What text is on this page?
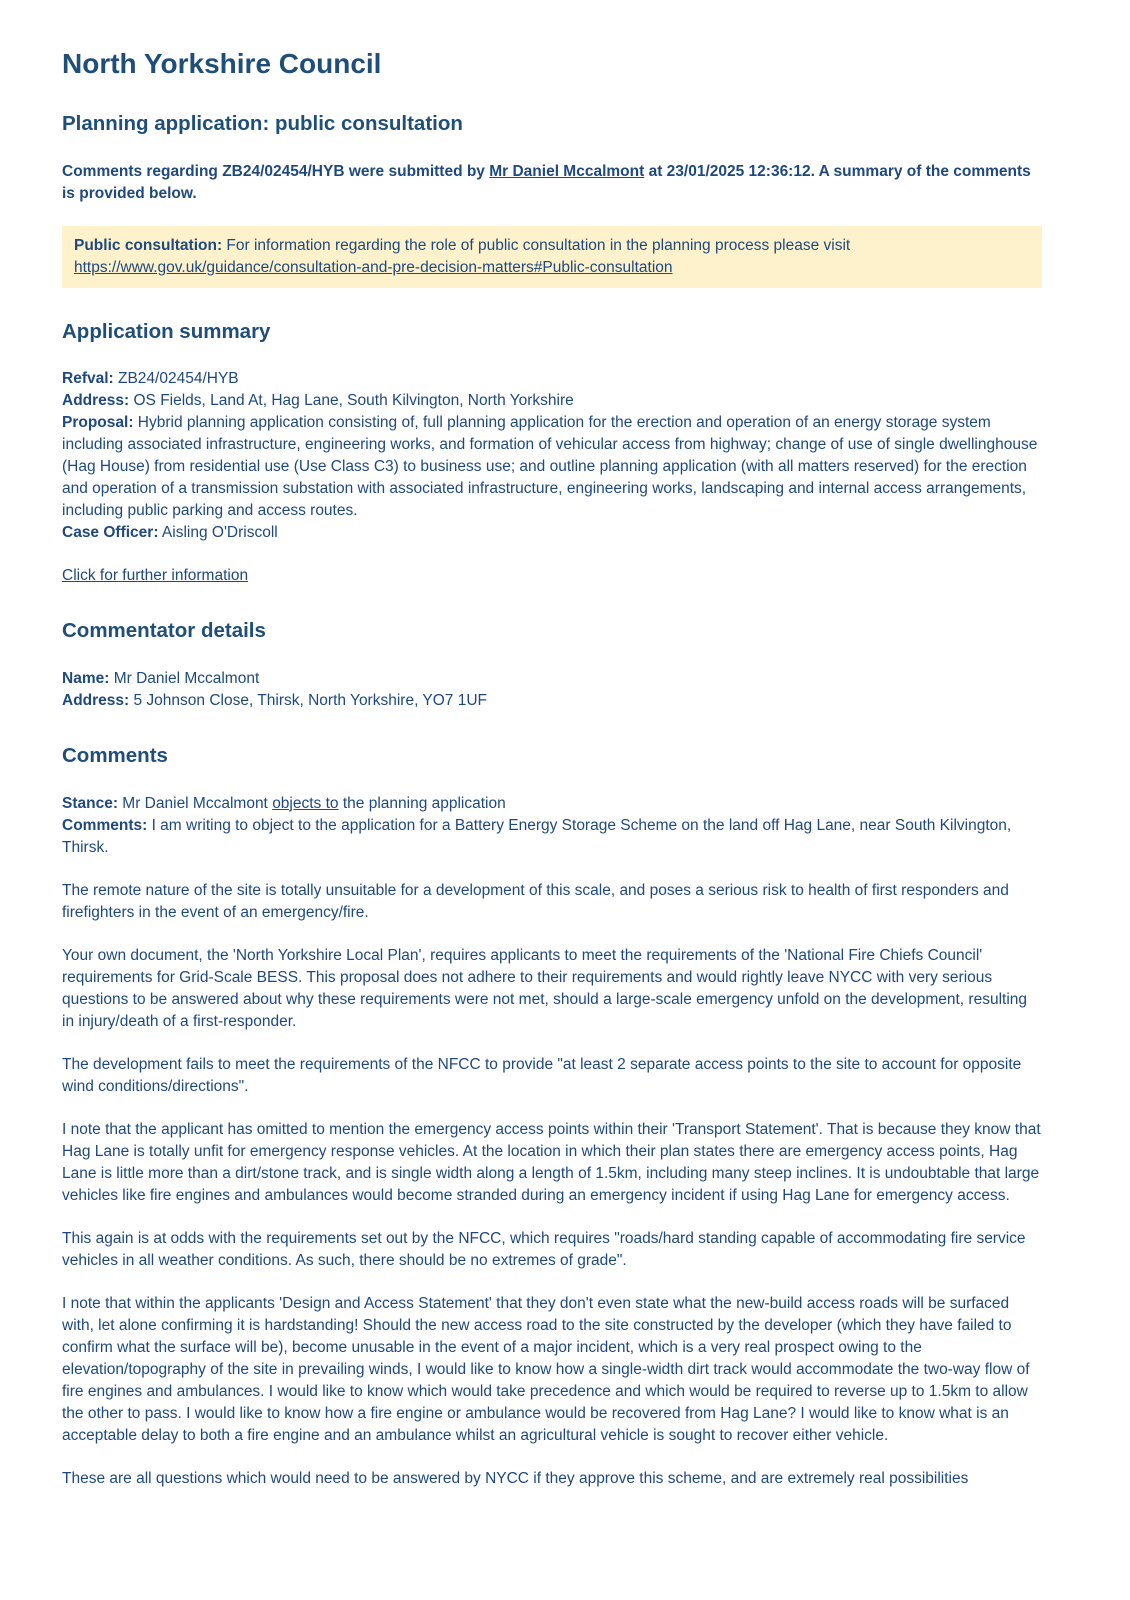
North Yorkshire Council
Planning application: public consultation

Comments regarding ZB24/02454/HYB were submitted by Mr Daniel Mccalmont at 23/01/2025 12:36:12. A summary of the comments is provided below.

Public consultation: For information regarding the role of public consultation in the planning process please visit https://www.gov.uk/guidance/consultation-and-pre-decision-matters#Public-consultation
Application summary
Refval: ZB24/02454/HYB
Address: OS Fields, Land At, Hag Lane, South Kilvington, North Yorkshire
Proposal: Hybrid planning application consisting of, full planning application for the erection and operation of an energy storage system including associated infrastructure, engineering works, and formation of vehicular access from highway; change of use of single dwellinghouse (Hag House) from residential use (Use Class C3) to business use; and outline planning application (with all matters reserved) for the erection and operation of a transmission substation with associated infrastructure, engineering works, landscaping and internal access arrangements, including public parking and access routes.
Case Officer: Aisling O'Driscoll

Click for further information

Commentator details
Name: Mr Daniel Mccalmont
Address: 5 Johnson Close, Thirsk, North Yorkshire, YO7 1UF
Comments
Stance: Mr Daniel Mccalmont objects to the planning application
Comments: I am writing to object to the application for a Battery Energy Storage Scheme on the land off Hag Lane, near South Kilvington, Thirsk.

The remote nature of the site is totally unsuitable for a development of this scale, and poses a serious risk to health of first responders and firefighters in the event of an emergency/fire.

Your own document, the 'North Yorkshire Local Plan', requires applicants to meet the requirements of the 'National Fire Chiefs Council' requirements for Grid-Scale BESS. This proposal does not adhere to their requirements and would rightly leave NYCC with very serious questions to be answered about why these requirements were not met, should a large-scale emergency unfold on the development, resulting in injury/death of a first-responder.

The development fails to meet the requirements of the NFCC to provide "at least 2 separate access points to the site to account for opposite wind conditions/directions".

I note that the applicant has omitted to mention the emergency access points within their 'Transport Statement'. That is because they know that Hag Lane is totally unfit for emergency response vehicles. At the location in which their plan states there are emergency access points, Hag Lane is little more than a dirt/stone track, and is single width along a length of 1.5km, including many steep inclines. It is undoubtable that large vehicles like fire engines and ambulances would become stranded during an emergency incident if using Hag Lane for emergency access.

This again is at odds with the requirements set out by the NFCC, which requires "roads/hard standing capable of accommodating fire service vehicles in all weather conditions. As such, there should be no extremes of grade".

I note that within the applicants 'Design and Access Statement' that they don't even state what the new-build access roads will be surfaced with, let alone confirming it is hardstanding! Should the new access road to the site constructed by the developer (which they have failed to confirm what the surface will be), become unusable in the event of a major incident, which is a very real prospect owing to the elevation/topography of the site in prevailing winds, I would like to know how a single-width dirt track would accommodate the two-way flow of fire engines and ambulances. I would like to know which would take precedence and which would be required to reverse up to 1.5km to allow the other to pass. I would like to know how a fire engine or ambulance would be recovered from Hag Lane? I would like to know what is an acceptable delay to both a fire engine and an ambulance whilst an agricultural vehicle is sought to recover either vehicle.

These are all questions which would need to be answered by NYCC if they approve this scheme, and are extremely real possibilities
